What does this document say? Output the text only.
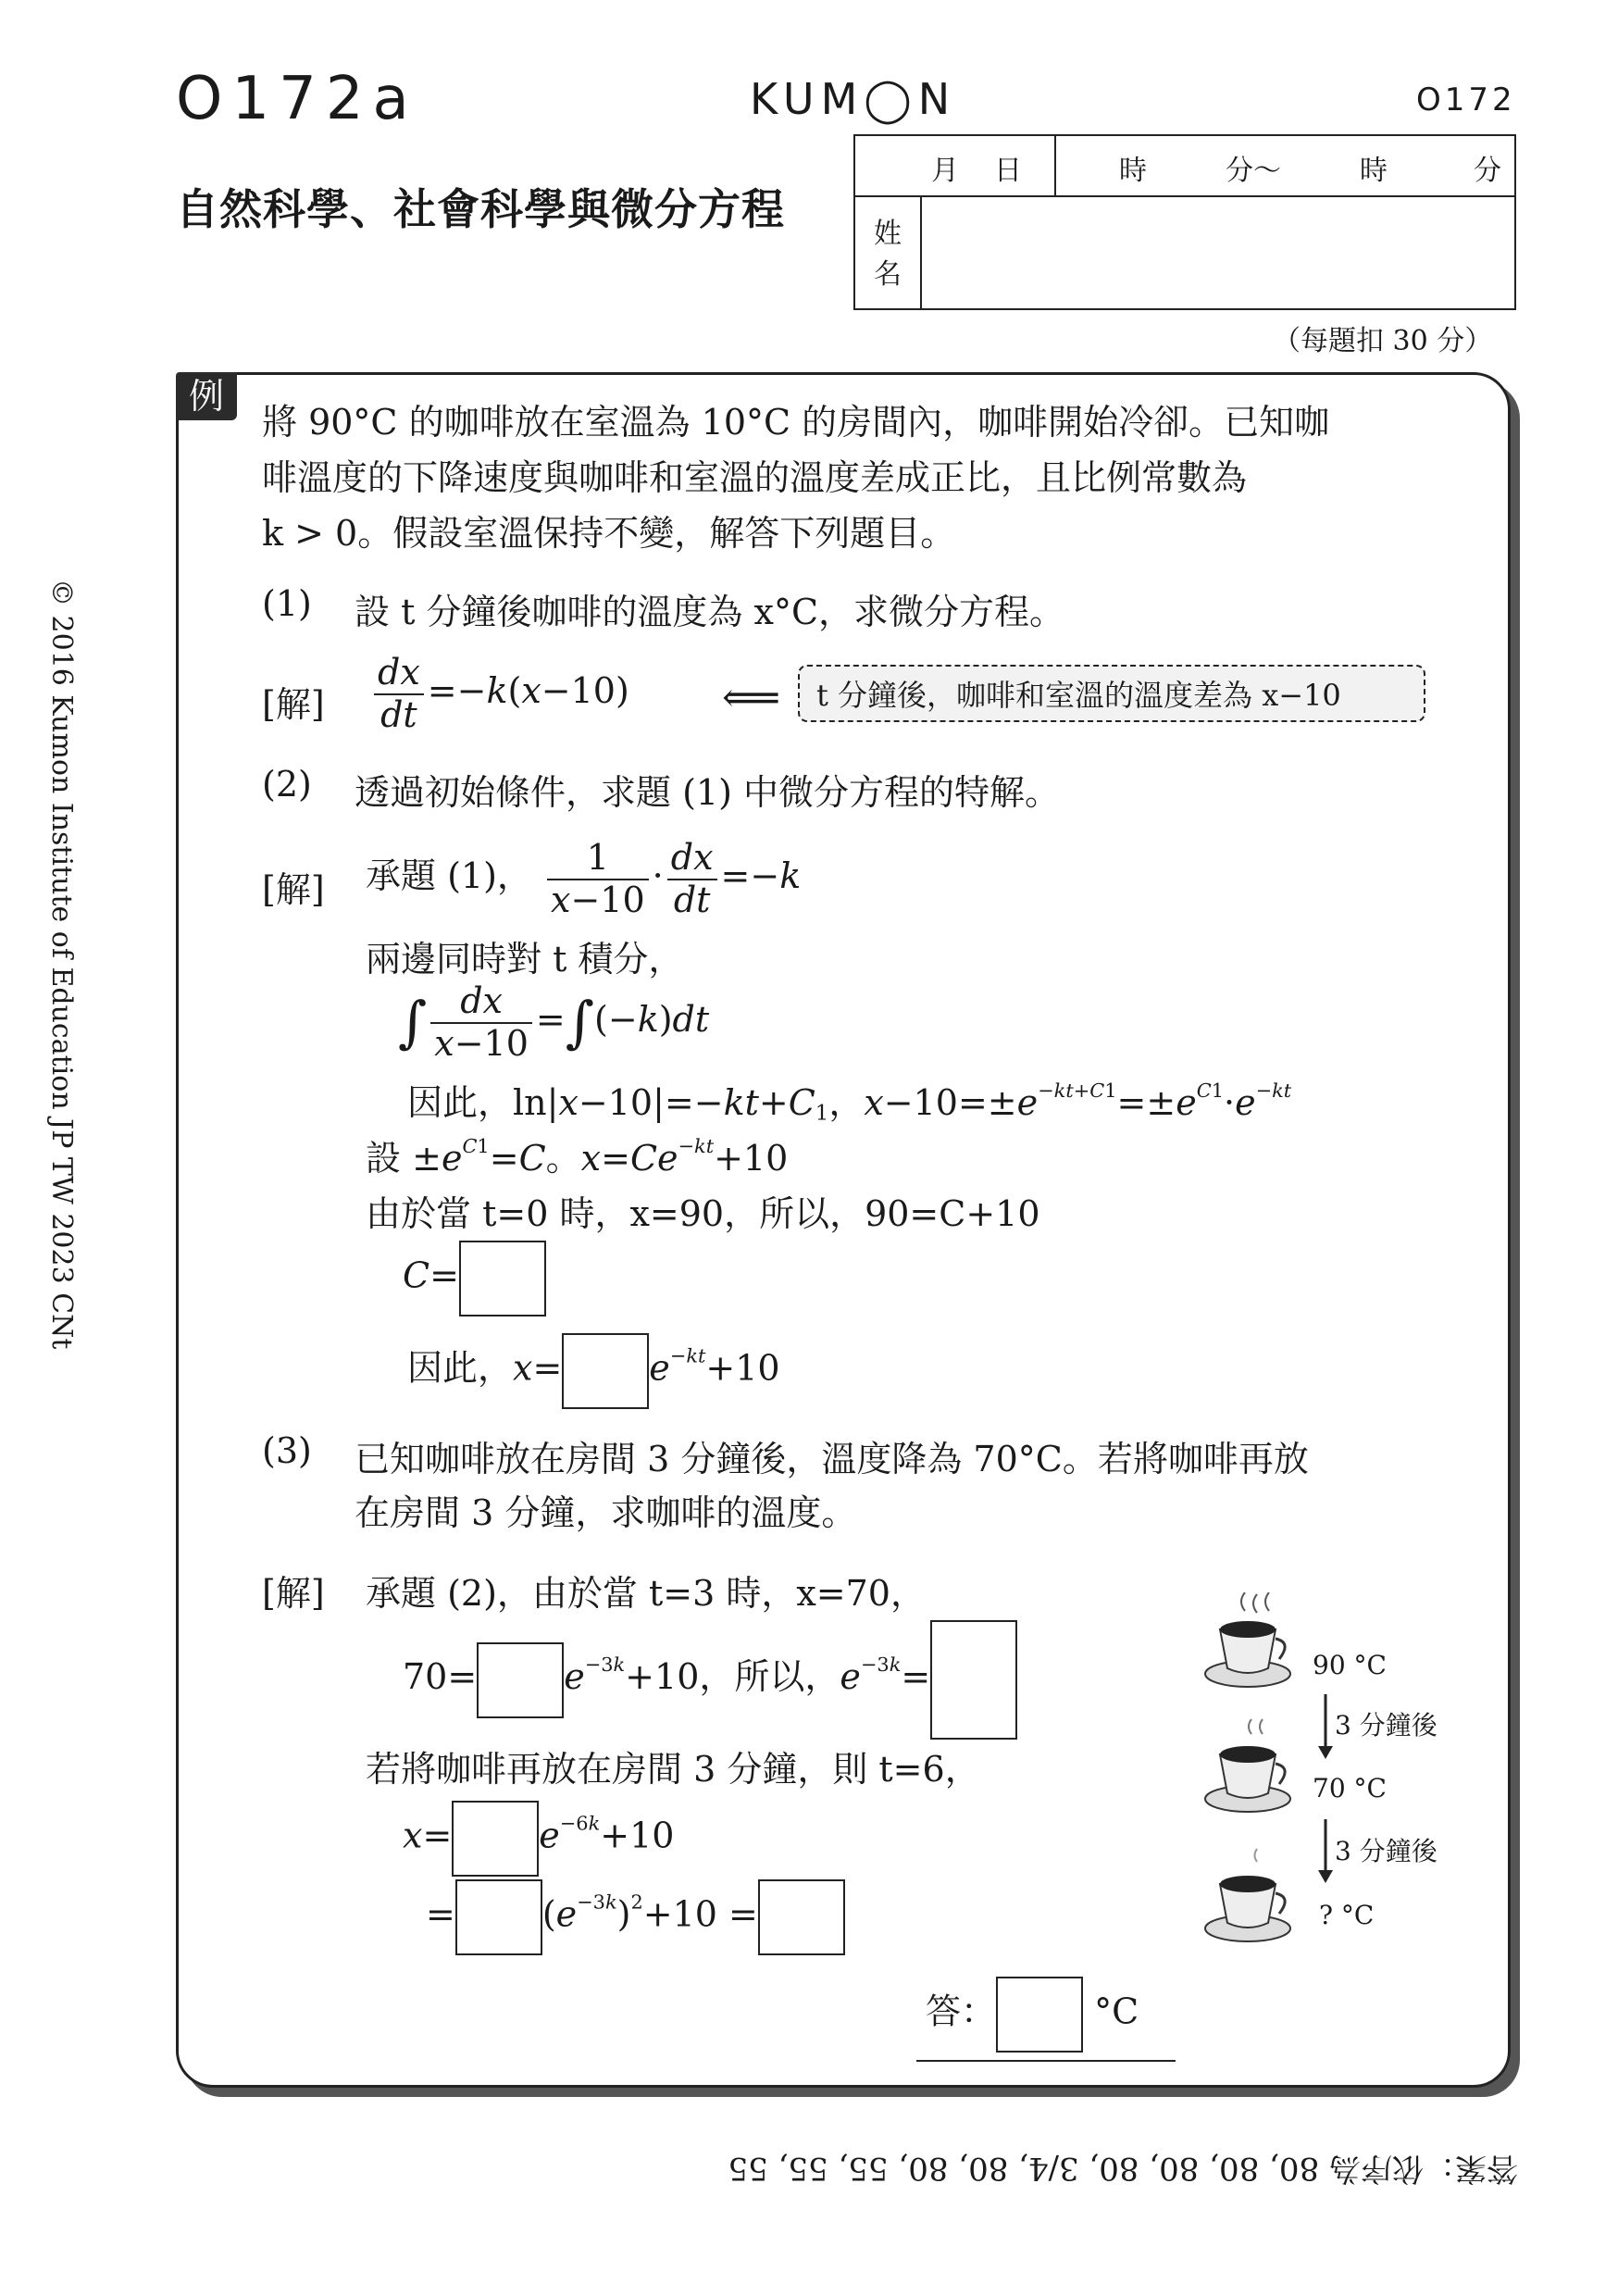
O172a	KUM◯N	O172
自然科學、社會科學與微分方程
月 日	時	分～	時	分
姓
名
（每題扣 30 分）
© 2016 Kumon Institute of Education JP TW 2023 CNt
例
將 90°C 的咖啡放在室溫為 10°C 的房間內，咖啡開始冷卻。已知咖
啡溫度的下降速度與咖啡和室溫的溫度差成正比，且比例常數為
k > 0。假設室溫保持不變，解答下列題目。
(1) 設 t 分鐘後咖啡的溫度為 x°C，求微分方程。
[解] $\frac{dx}{dt} =-k(x-10)$ ⟸	t 分鐘後，咖啡和室溫的溫度差為 x−10
(2) 透過初始條件，求題 (1) 中微分方程的特解。
[解] 承題 (1)， $\frac{1}{x-10} \cdot \frac{dx}{dt} =-k$
兩邊同時對 t 積分，
∫ $\frac{dx}{x-10} =\int(-k)dt$
因此，$\ln|x-10|=-kt+C_1$，$x-10=\pm e^{-kt+C1}=\pm e^{C1}\cdot e^{-kt}$
設 $\pm e^{C1}=C$。$x=Ce^{-kt}+10$
由於當 t=0 時，x=90，所以，90=C+10
C=
因此，$x= e^{-kt}+10$
(3) 已知咖啡放在房間 3 分鐘後，溫度降為 70°C。若將咖啡再放
在房間 3 分鐘，求咖啡的溫度。
[解] 承題 (2)，由於當 t=3 時，x=70，
$70= e^{-3k}+10$，所以，$e^{-3k}=$
若將咖啡再放在房間 3 分鐘，則 t=6，
$x= e^{-6k}+10$
= $(e^{-3k})^2+10$ =
答：	°C
90 °C
3 分鐘後
70 °C
3 分鐘後
? °C
答案：依序為 80, 80, 80, 80, 3/4, 80, 80, 55, 55, 55
